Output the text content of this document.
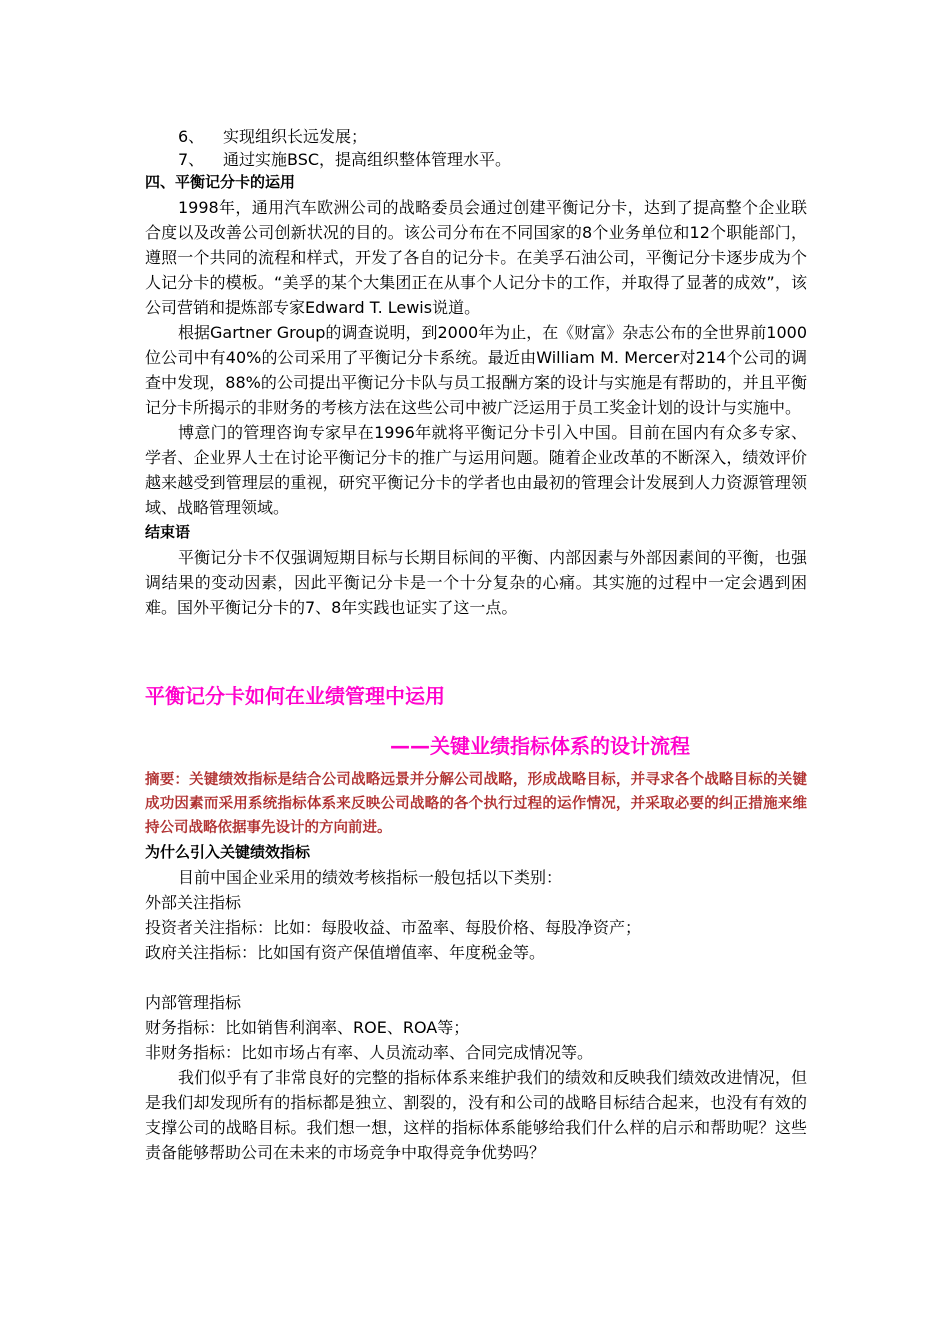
6、	实现组织长远发展；
7、	通过实施BSC，提高组织整体管理水平。

四、平衡记分卡的运用

1998年，通用汽车欧洲公司的战略委员会通过创建平衡记分卡，达到了提高整个企业联合度以及改善公司创新状况的目的。该公司分布在不同国家的8个业务单位和12个职能部门，遵照一个共同的流程和样式，开发了各自的记分卡。在美孚石油公司，平衡记分卡逐步成为个人记分卡的模板。“美孚的某个大集团正在从事个人记分卡的工作，并取得了显著的成效”，该公司营销和提炼部专家Edward T. Lewis说道。

根据Gartner Group的调查说明，到2000年为止，在《财富》杂志公布的全世界前1000位公司中有40%的公司采用了平衡记分卡系统。最近由William M. Mercer对214个公司的调查中发现，88%的公司提出平衡记分卡队与员工报酬方案的设计与实施是有帮助的，并且平衡记分卡所揭示的非财务的考核方法在这些公司中被广泛运用于员工奖金计划的设计与实施中。

博意门的管理咨询专家早在1996年就将平衡记分卡引入中国。目前在国内有众多专家、学者、企业界人士在讨论平衡记分卡的推广与运用问题。随着企业改革的不断深入，绩效评价越来越受到管理层的重视，研究平衡记分卡的学者也由最初的管理会计发展到人力资源管理领域、战略管理领域。

结束语

平衡记分卡不仅强调短期目标与长期目标间的平衡、内部因素与外部因素间的平衡，也强调结果的变动因素，因此平衡记分卡是一个十分复杂的心痛。其实施的过程中一定会遇到困难。国外平衡记分卡的7、8年实践也证实了这一点。

平衡记分卡如何在业绩管理中运用

——关键业绩指标体系的设计流程

摘要：关键绩效指标是结合公司战略远景并分解公司战略，形成战略目标，并寻求各个战略目标的关键成功因素而采用系统指标体系来反映公司战略的各个执行过程的运作情况，并采取必要的纠正措施来维持公司战略依据事先设计的方向前进。

为什么引入关键绩效指标

目前中国企业采用的绩效考核指标一般包括以下类别：

外部关注指标

投资者关注指标：比如：每股收益、市盈率、每股价格、每股净资产；

政府关注指标：比如国有资产保值增值率、年度税金等。

内部管理指标

财务指标：比如销售利润率、ROE、ROA等；

非财务指标：比如市场占有率、人员流动率、合同完成情况等。

我们似乎有了非常良好的完整的指标体系来维护我们的绩效和反映我们绩效改进情况，但是我们却发现所有的指标都是独立、割裂的，没有和公司的战略目标结合起来，也没有有效的支撑公司的战略目标。我们想一想，这样的指标体系能够给我们什么样的启示和帮助呢？这些责备能够帮助公司在未来的市场竞争中取得竞争优势吗？
